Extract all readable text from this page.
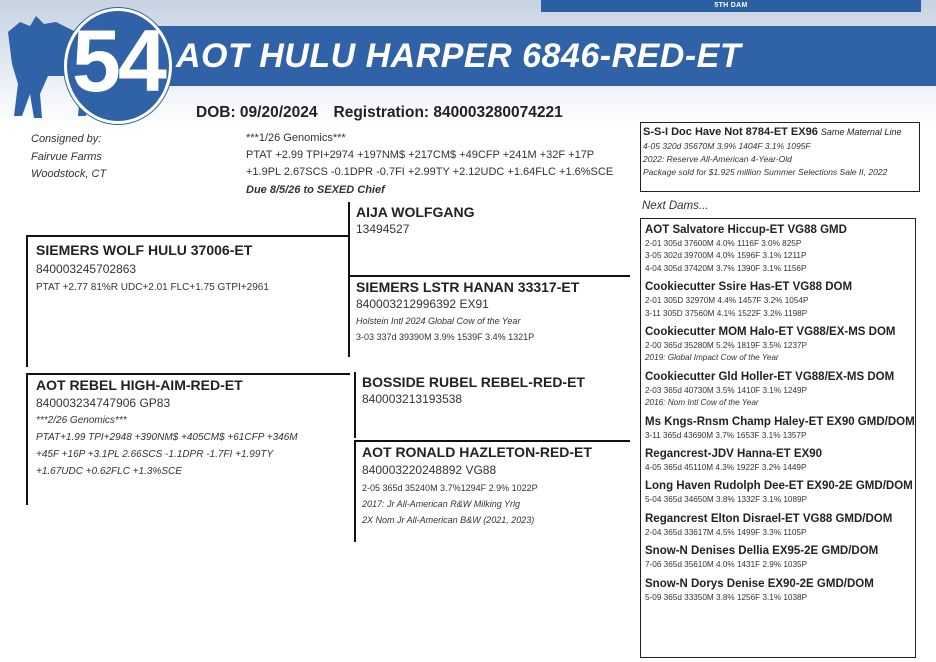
5TH DAM
54 AOT HULU HARPER 6846-RED-ET
DOB: 09/20/2024 Registration: 840003280074221
Consigned by:
Fairvue Farms
Woodstock, CT
***1/26 Genomics***
PTAT +2.99 TPI+2974 +197NM$ +217CM$ +49CFP +241M +32F +17P
+1.9PL 2.67SCS -0.1DPR -0.7FI +2.99TY +2.12UDC +1.64FLC +1.6%SCE
Due 8/5/26 to SEXED Chief
SIEMERS WOLF HULU 37006-ET
840003245702863
PTAT +2.77 81%R UDC+2.01 FLC+1.75 GTPI+2961
AIJA WOLFGANG
13494527
SIEMERS LSTR HANAN 33317-ET
840003212996392 EX91
Holstein Intl 2024 Global Cow of the Year
3-03 337d 39390M 3.9% 1539F 3.4% 1321P
AOT REBEL HIGH-AIM-RED-ET
840003234747906 GP83
***2/26 Genomics***
PTAT+1.99 TPI+2948 +390NM$ +405CM$ +61CFP +346M
+45F +16P +3.1PL 2.66SCS -1.1DPR -1.7FI +1.99TY
+1.67UDC +0.62FLC +1.3%SCE
BOSSIDE RUBEL REBEL-RED-ET
840003213193538
AOT RONALD HAZLETON-RED-ET
840003220248892 VG88
2-05 365d 35240M 3.7%1294F 2.9% 1022P
2017: Jr All-American R&W Milking Yrlg
2X Nom Jr All-American B&W (2021, 2023)
S-S-I Doc Have Not 8784-ET EX96 Same Maternal Line
4-05 320d 35670M 3.9% 1404F 3.1% 1095F
2022: Reserve All-American 4-Year-Old
Package sold for $1.925 million Summer Selections Sale II, 2022
Next Dams...
AOT Salvatore Hiccup-ET VG88 GMD
2-01 305d 37600M 4.0% 1116F 3.0% 825P
3-05 302d 39700M 4.0% 1596F 3.1% 1211P
4-04 305d 37420M 3.7% 1390F 3.1% 1156P
Cookiecutter Ssire Has-ET VG88 DOM
2-01 305D 32970M 4.4% 1457F 3.2% 1054P
3-11 305D 37560M 4.1% 1522F 3.2% 1198P
Cookiecutter MOM Halo-ET VG88/EX-MS DOM
2-00 365d 35280M 5.2% 1819F 3.5% 1237P
2019: Global Impact Cow of the Year
Cookiecutter Gld Holler-ET VG88/EX-MS DOM
2-03 365d 40730M 3.5% 1410F 3.1% 1249P
2016: Nom Intl Cow of the Year
Ms Kngs-Rnsm Champ Haley-ET EX90 GMD/DOM
3-11 365d 43690M 3.7% 1653F 3.1% 1357P
Regancrest-JDV Hanna-ET EX90
4-05 365d 45110M 4.3% 1922F 3.2% 1449P
Long Haven Rudolph Dee-ET EX90-2E GMD/DOM
5-04 365d 34650M 3.8% 1332F 3.1% 1089P
Regancrest Elton Disrael-ET VG88 GMD/DOM
2-04 365d 33617M 4.5% 1499F 3.3% 1105P
Snow-N Denises Dellia EX95-2E GMD/DOM
7-06 365d 35610M 4.0% 1431F 2.9% 1035P
Snow-N Dorys Denise EX90-2E GMD/DOM
5-09 365d 33350M 3.8% 1256F 3.1% 1038P
